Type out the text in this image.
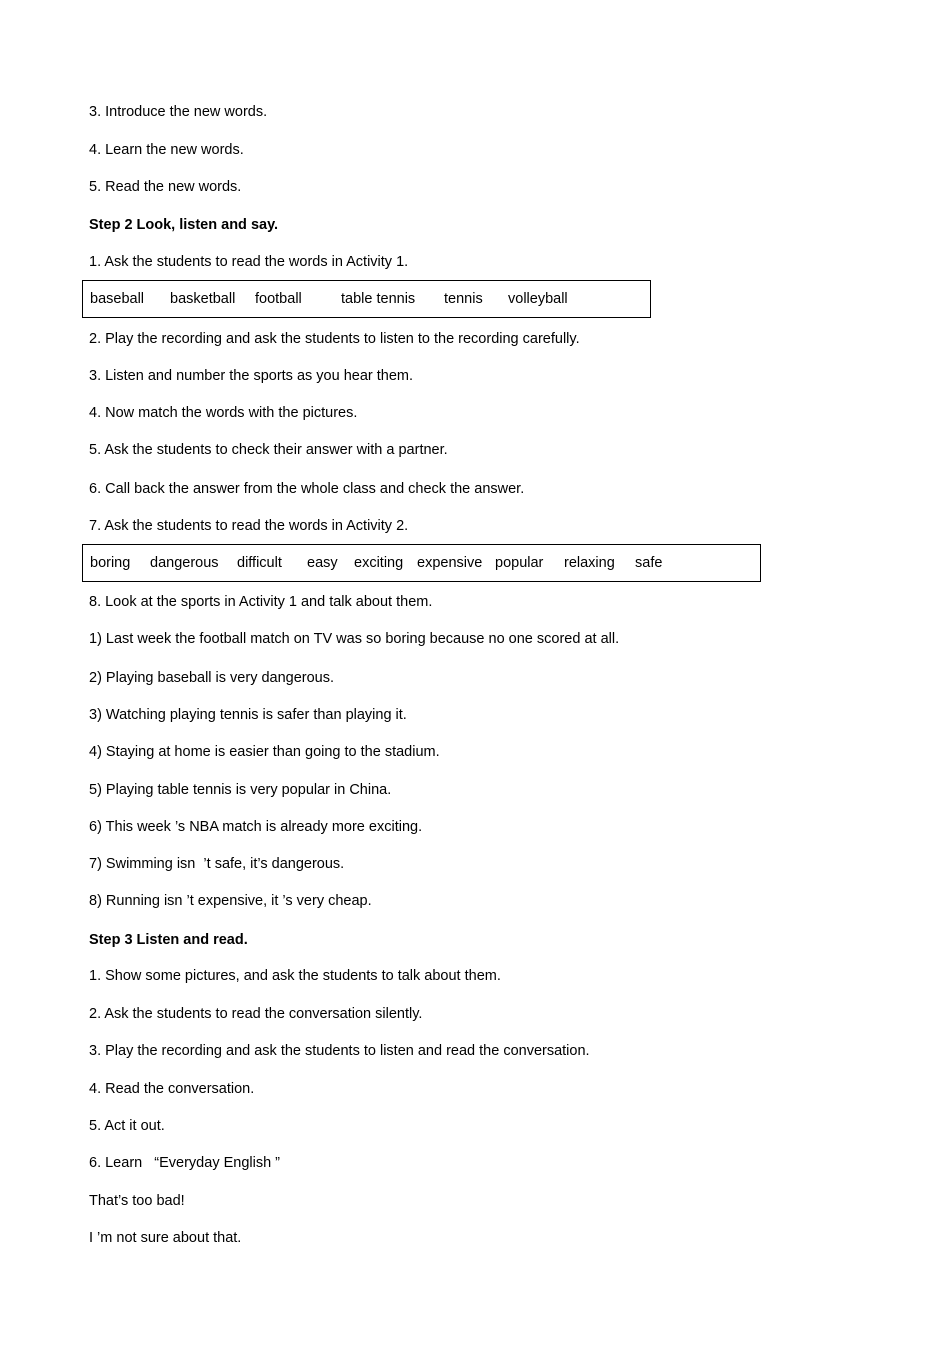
3. Introduce the new words.
4. Learn the new words.
5. Read the new words.
Step 2 Look, listen and say.
1. Ask the students to read the words in Activity 1.
baseball basketball football	table tennis tennis volleyball
2. Play the recording and ask the students to listen to the recording carefully.
3. Listen and number the sports as you hear them.
4. Now match the words with the pictures.
5. Ask the students to check their answer with a partner.
6. Call back the answer from the whole class and check the answer.
7. Ask the students to read the words in Activity 2.
boring dangerous difficult easy exciting expensive popular relaxing safe
8. Look at the sports in Activity 1 and talk about them.
1) Last week the football match on TV was so boring because no one scored at all.
2) Playing baseball is very dangerous.
3) Watching playing tennis is safer than playing it.
4) Staying at home is easier than going to the stadium.
5) Playing table tennis is very popular in China.
6) This week ’s NBA match is already more exciting.
7) Swimming isn  ’t safe, it’s dangerous.
8) Running isn ’t expensive, it ’s very cheap.
Step 3 Listen and read.
1. Show some pictures, and ask the students to talk about them.
2. Ask the students to read the conversation silently.
3. Play the recording and ask the students to listen and read the conversation.
4. Read the conversation.
5. Act it out.
6. Learn   “Everyday English ”
That’s too bad!
I ’m not sure about that.
